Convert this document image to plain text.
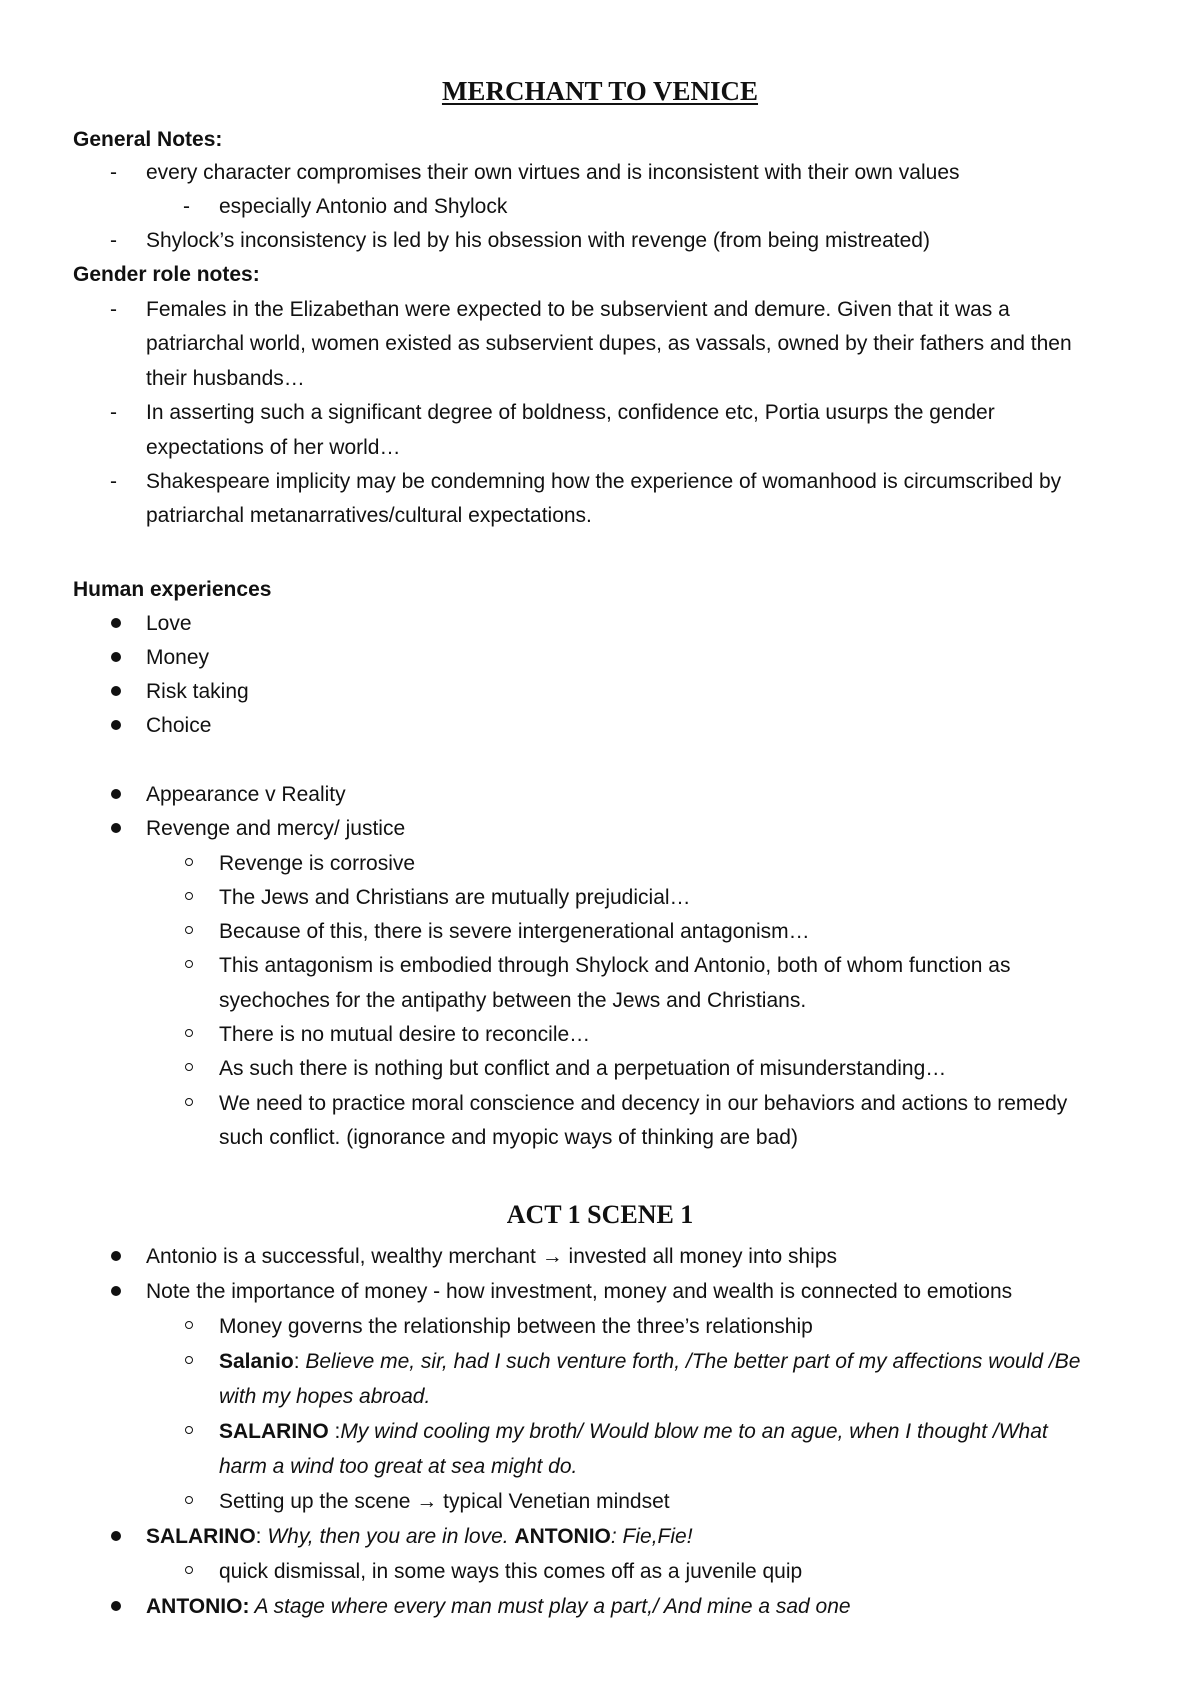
MERCHANT TO VENICE
General Notes:
-	every character compromises their own virtues and is inconsistent with their own values
-	especially Antonio and Shylock
-	Shylock’s inconsistency is led by his obsession with revenge (from being mistreated)
Gender role notes:
-	Females in the Elizabethan were expected to be subservient and demure. Given that it was a
patriarchal world, women existed as subservient dupes, as vassals, owned by their fathers and then
their husbands…
-	In asserting such a significant degree of boldness, confidence etc, Portia usurps the gender
expectations of her world…
-	Shakespeare implicity may be condemning how the experience of womanhood is circumscribed by
patriarchal metanarratives/cultural expectations.
Human experiences
Love
Money
Risk taking
Choice
Appearance v Reality
Revenge and mercy/ justice
Revenge is corrosive
The Jews and Christians are mutually prejudicial…
Because of this, there is severe intergenerational antagonism…
This antagonism is embodied through Shylock and Antonio, both of whom function as
syechoches for the antipathy between the Jews and Christians.
There is no mutual desire to reconcile…
As such there is nothing but conflict and a perpetuation of misunderstanding…
We need to practice moral conscience and decency in our behaviors and actions to remedy
such conflict. (ignorance and myopic ways of thinking are bad)
ACT 1 SCENE 1
Antonio is a successful, wealthy merchant → invested all money into ships
Note the importance of money - how investment, money and wealth is connected to emotions
Money governs the relationship between the three’s relationship
Salanio: Believe me, sir, had I such venture forth, /The better part of my affections would /Be
with my hopes abroad.
SALARINO :My wind cooling my broth/ Would blow me to an ague, when I thought /What
harm a wind too great at sea might do.
Setting up the scene → typical Venetian mindset
SALARINO: Why, then you are in love. ANTONIO: Fie,Fie!
quick dismissal, in some ways this comes off as a juvenile quip
ANTONIO: A stage where every man must play a part,/ And mine a sad one
